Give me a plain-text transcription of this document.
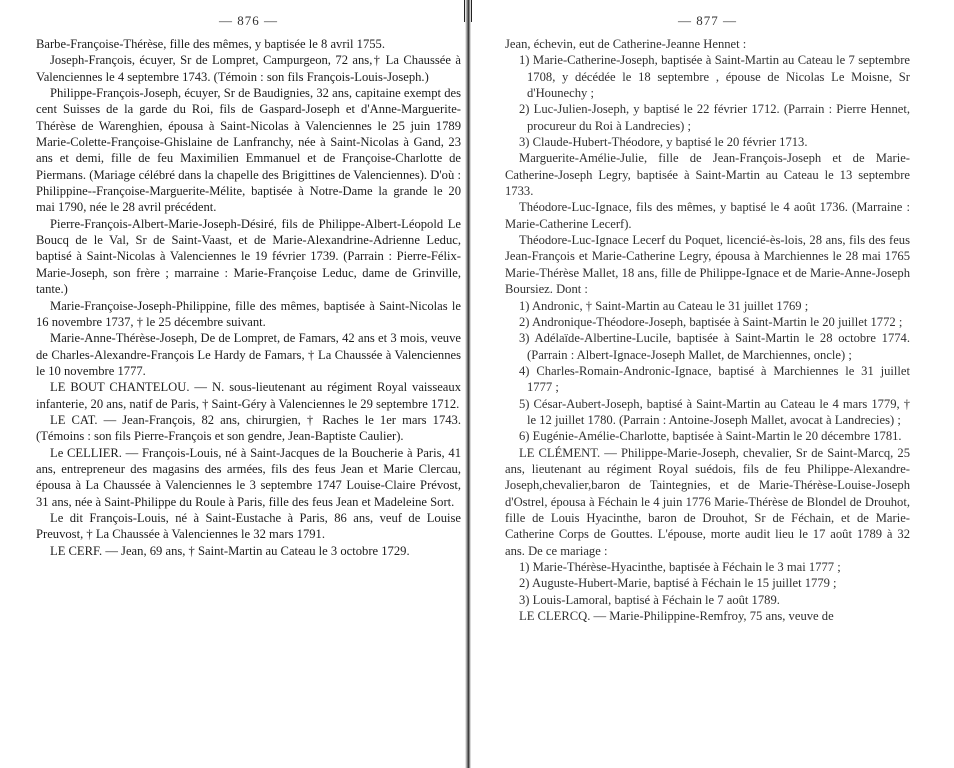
— 876 —

Barbe-Françoise-Thérèse, fille des mêmes, y baptisée le 8 avril 1755.

Joseph-François, écuyer, Sr de Lompret, Campurgeon, 72 ans,† La Chaussée à Valenciennes le 4 septembre 1743. (Témoin : son fils François-Louis-Joseph.)

Philippe-François-Joseph, écuyer, Sr de Baudignies, 32 ans, capitaine exempt des cent Suisses de la garde du Roi, fils de Gaspard-Joseph et d'Anne-Marguerite- Thérèse de Warenghien, épousa à Saint-Nicolas à Valenciennes le 25 juin 1789 Marie-Colette-Françoise-Ghislaine de Lanfranchy, née à Saint-Nicolas à Gand, 23 ans et demi, fille de feu Maximilien Emmanuel et de Françoise-Charlotte de Piermans. (Mariage célébré dans la chapelle des Brigittines de Valenciennes). D'où : Philippine--Françoise-Marguerite-Mélite, baptisée à Notre-Dame la grande le 20 mai 1790, née le 28 avril précédent.

Pierre-François-Albert-Marie-Joseph-Désiré, fils de Philippe-Albert-Léopold Le Boucq de le Val, Sr de Saint-Vaast, et de Marie-Alexandrine-Adrienne Leduc, baptisé à Saint-Nicolas à Valenciennes le 19 février 1739. (Parrain : Pierre-Félix-Marie-Joseph, son frère ; marraine : Marie-Françoise Leduc, dame de Grinville, tante.)

Marie-Françoise-Joseph-Philippine, fille des mêmes, baptisée à Saint-Nicolas le 16 novembre 1737, † le 25 décembre suivant.

Marie-Anne-Thérèse-Joseph, De de Lompret, de Famars, 42 ans et 3 mois, veuve de Charles-Alexandre-François Le Hardy de Famars, † La Chaussée à Valenciennes le 10 novembre 1777.

LE BOUT CHANTELOU. — N. sous-lieutenant au régiment Royal vaisseaux infanterie, 20 ans, natif de Paris, † Saint-Géry à Valenciennes le 29 septembre 1712.

LE CAT. — Jean-François, 82 ans, chirurgien, † Raches le 1er mars 1743. (Témoins : son fils Pierre-François et son gendre, Jean-Baptiste Caulier).

Le CELLIER. — François-Louis, né à Saint-Jacques de la Boucherie à Paris, 41 ans, entrepreneur des magasins des armées, fils des feus Jean et Marie Clercau, épousa à La Chaussée à Valenciennes le 3 septembre 1747 Louise-Claire Prévost, 31 ans, née à Saint-Philippe du Roule à Paris, fille des feus Jean et Madeleine Sort.

Le dit François-Louis, né à Saint-Eustache à Paris, 86 ans, veuf de Louise Preuvost, † La Chaussée à Valenciennes le 32 mars 1791.

LE CERF. — Jean, 69 ans, † Saint-Martin au Cateau le 3 octobre 1729.

— 877 —

Jean, échevin, eut de Catherine-Jeanne Hennet :

1) Marie-Catherine-Joseph, baptisée à Saint-Martin au Cateau le 7 septembre 1708, y décédée le 18 septembre , épouse de Nicolas Le Moisne, Sr d'Hounechy ;

2) Luc-Julien-Joseph, y baptisé le 22 février 1712. (Parrain : Pierre Hennet, procureur du Roi à Landrecies) ;

3) Claude-Hubert-Théodore, y baptisé le 20 février 1713.

Marguerite-Amélie-Julie, fille de Jean-François-Joseph et de Marie-Catherine-Joseph Legry, baptisée à Saint-Martin au Cateau le 13 septembre 1733.

Théodore-Luc-Ignace, fils des mêmes, y baptisé le 4 août 1736. (Marraine : Marie-Catherine Lecerf).

Théodore-Luc-Ignace Lecerf du Poquet, licencié-ès-lois, 28 ans, fils des feus Jean-François et Marie-Catherine Legry, épousa à Marchiennes le 28 mai 1765 Marie-Thérèse Mallet, 18 ans, fille de Philippe-Ignace et de Marie-Anne-Joseph Boursiez. Dont :

1) Andronic, † Saint-Martin au Cateau le 31 juillet 1769 ;

2) Andronique-Théodore-Joseph, baptisée à Saint-Martin le 20 juillet 1772 ;

3) Adélaïde-Albertine-Lucile, baptisée à Saint-Martin le 28 octobre 1774. (Parrain : Albert-Ignace-Joseph Mallet, de Marchiennes, oncle) ;

4) Charles-Romain-Andronic-Ignace, baptisé à Marchiennes le 31 juillet 1777 ;

5) César-Aubert-Joseph, baptisé à Saint-Martin au Cateau le 4 mars 1779, † le 12 juillet 1780. (Parrain : Antoine-Joseph Mallet, avocat à Landrecies) ;

6) Eugénie-Amélie-Charlotte, baptisée à Saint-Martin le 20 décembre 1781.

LE CLÉMENT. — Philippe-Marie-Joseph, chevalier, Sr de Saint-Marcq, 25 ans, lieutenant au régiment Royal suédois, fils de feu Philippe-Alexandre-Joseph,chevalier,baron de Taintegnies, et de Marie-Thérèse-Louise-Joseph d'Ostrel, épousa à Féchain le 4 juin 1776 Marie-Thérèse de Blondel de Drouhot, fille de Louis Hyacinthe, baron de Drouhot, Sr de Féchain, et de Marie-Catherine Corps de Gouttes. L'épouse, morte audit lieu le 17 août 1789 à 32 ans. De ce mariage :

1) Marie-Thérèse-Hyacinthe, baptisée à Féchain le 3 mai 1777 ;

2) Auguste-Hubert-Marie, baptisé à Féchain le 15 juillet 1779 ;

3) Louis-Lamoral, baptisé à Féchain le 7 août 1789.

LE CLERCQ. — Marie-Philippine-Remfroy, 75 ans, veuve de
